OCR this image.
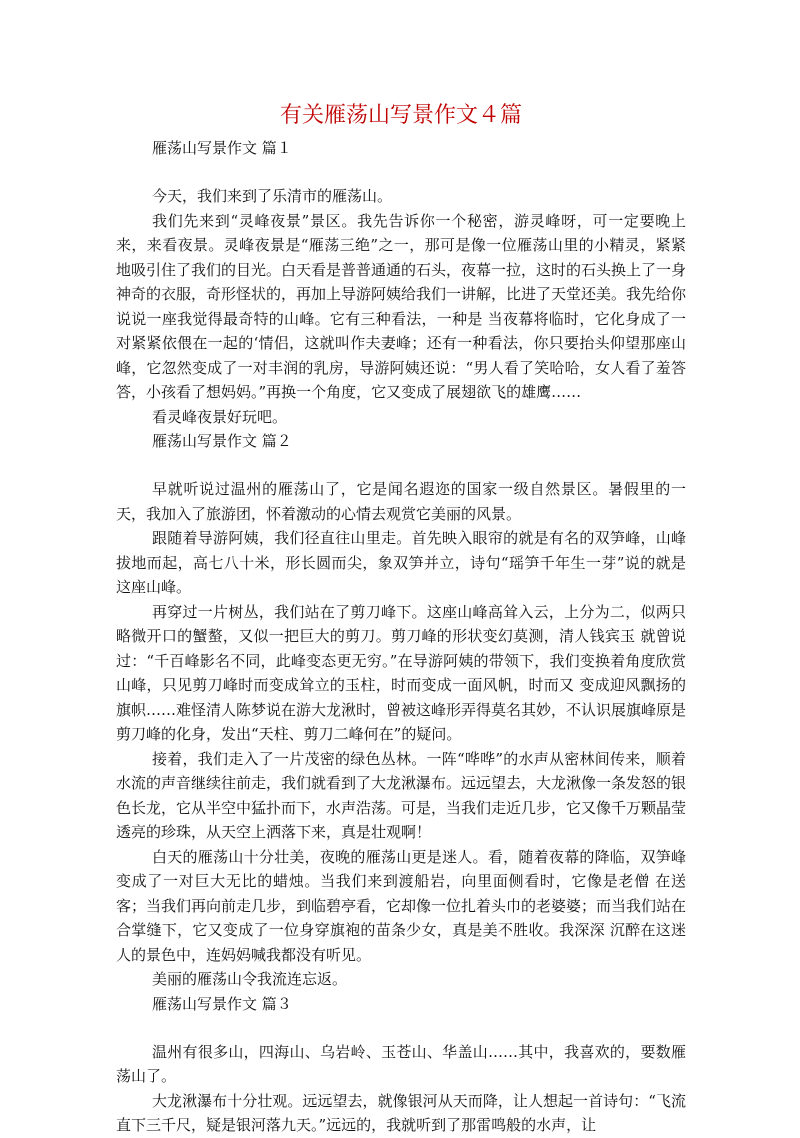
有关雁荡山写景作文４篇
雁荡山写景作文 篇１

今天，我们来到了乐清市的雁荡山。

我们先来到“灵峰夜景”景区。我先告诉你一个秘密，游灵峰呀，可一定要晚上来，来看夜景。灵峰夜景是“雁荡三绝”之一，那可是像一位雁荡山里的小精灵，紧紧地吸引住了我们的目光。白天看是普普通通的石头，夜幕一拉，这时的石头换上了一身神奇的衣服，奇形怪状的，再加上导游阿姨给我们一讲解，比进了天堂还美。我先给你说说一座我觉得最奇特的山峰。它有三种看法，一种是 当夜幕将临时，它化身成了一对紧紧依偎在一起的‘情侣，这就叫作夫妻峰；还有一种看法，你只要抬头仰望那座山峰，它忽然变成了一对丰润的乳房，导游阿姨还说：“男人看了笑哈哈，女人看了羞答答，小孩看了想妈妈。”再换一个角度，它又变成了展翅欲飞的雄鹰……

看灵峰夜景好玩吧。

雁荡山写景作文 篇２

早就听说过温州的雁荡山了，它是闻名遐迩的国家一级自然景区。暑假里的一天，我加入了旅游团，怀着激动的心情去观赏它美丽的风景。

跟随着导游阿姨，我们径直往山里走。首先映入眼帘的就是有名的双笋峰，山峰拔地而起，高七八十米，形长圆而尖，象双笋并立，诗句“瑶笋千年生一芽”说的就是这座山峰。

再穿过一片树丛，我们站在了剪刀峰下。这座山峰高耸入云，上分为二，似两只略微开口的蟹螯，又似一把巨大的剪刀。剪刀峰的形状变幻莫测，清人钱宾玉 就曾说过：“千百峰影名不同，此峰变态更无穷。”在导游阿姨的带领下，我们变换着角度欣赏山峰，只见剪刀峰时而变成耸立的玉柱，时而变成一面风帆，时而又 变成迎风飘扬的旗帜……难怪清人陈梦说在游大龙湫时，曾被这峰形弄得莫名其妙，不认识展旗峰原是剪刀峰的化身，发出“天柱、剪刀二峰何在”的疑问。

接着，我们走入了一片茂密的绿色丛林。一阵“哗哗”的水声从密林间传来，顺着水流的声音继续往前走，我们就看到了大龙湫瀑布。远远望去，大龙湫像一条发怒的银色长龙，它从半空中猛扑而下，水声浩荡。可是，当我们走近几步，它又像千万颗晶莹透亮的珍珠，从天空上洒落下来，真是壮观啊！

白天的雁荡山十分壮美，夜晚的雁荡山更是迷人。看，随着夜幕的降临，双笋峰变成了一对巨大无比的蜡烛。当我们来到渡船岩，向里面侧看时，它像是老僧 在送客；当我们再向前走几步，到临碧亭看，它却像一位扎着头巾的老婆婆；而当我们站在合掌缝下，它又变成了一位身穿旗袍的苗条少女，真是美不胜收。我深深 沉醉在这迷人的景色中，连妈妈喊我都没有听见。

美丽的雁荡山令我流连忘返。

雁荡山写景作文 篇３

温州有很多山，四海山、乌岩岭、玉苍山、华盖山……其中，我喜欢的，要数雁荡山了。

大龙湫瀑布十分壮观。远远望去，就像银河从天而降，让人想起一首诗句：“飞流直下三千尺，疑是银河落九天。”远远的，我就听到了那雷鸣般的水声，让
